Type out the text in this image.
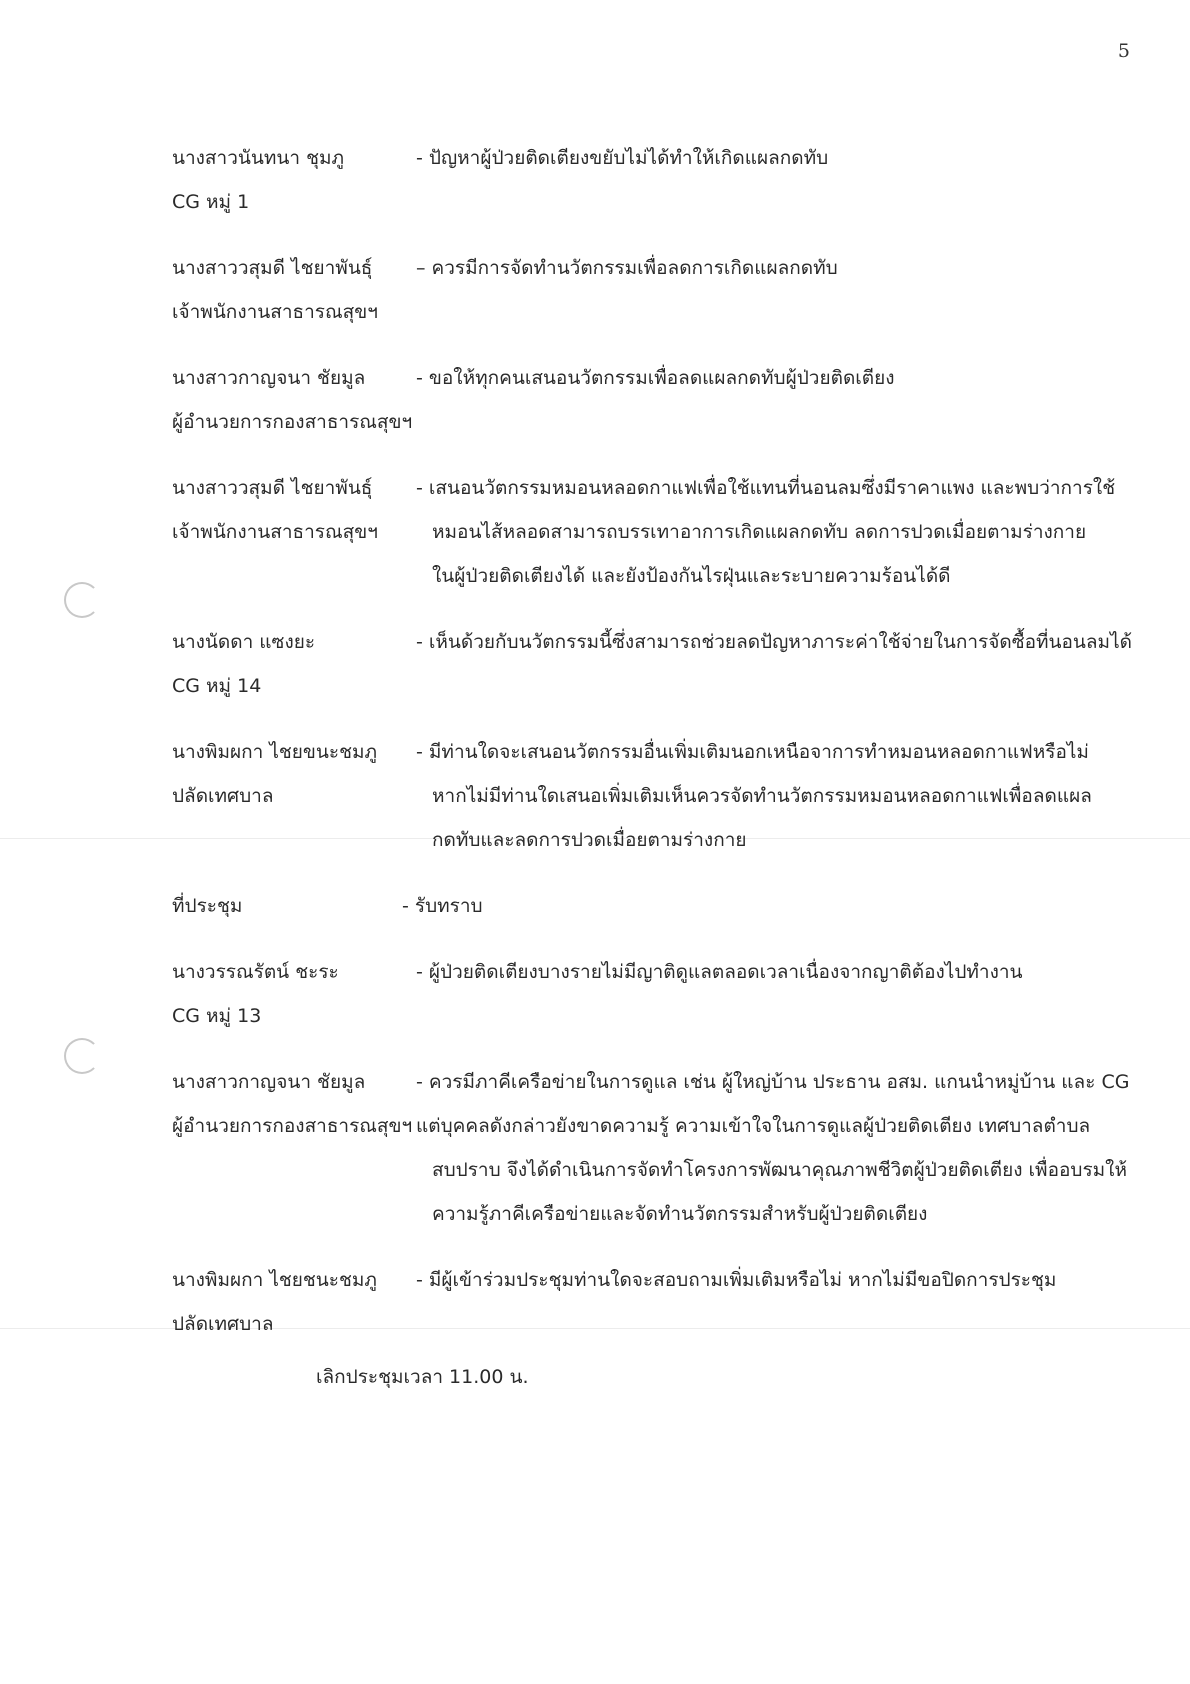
5
นางสาวนันทนา ชุมภู
CG หมู่ 1
- ปัญหาผู้ป่วยติดเตียงขยับไม่ได้ทำให้เกิดแผลกดทับ
นางสาววสุมดี ไชยาพันธุ์
เจ้าพนักงานสาธารณสุขฯ
– ควรมีการจัดทำนวัตกรรมเพื่อลดการเกิดแผลกดทับ
นางสาวกาญจนา ชัยมูล
ผู้อำนวยการกองสาธารณสุขฯ
- ขอให้ทุกคนเสนอนวัตกรรมเพื่อลดแผลกดทับผู้ป่วยติดเตียง
นางสาววสุมดี ไชยาพันธุ์
เจ้าพนักงานสาธารณสุขฯ
- เสนอนวัตกรรมหมอนหลอดกาแฟเพื่อใช้แทนที่นอนลมซึ่งมีราคาแพง และพบว่าการใช้
หมอนไส้หลอดสามารถบรรเทาอาการเกิดแผลกดทับ ลดการปวดเมื่อยตามร่างกาย
ในผู้ป่วยติดเตียงได้ และยังป้องกันไรฝุ่นและระบายความร้อนได้ดี
นางนัดดา แซงยะ
CG หมู่ 14
- เห็นด้วยกับนวัตกรรมนี้ซึ่งสามารถช่วยลดปัญหาภาระค่าใช้จ่ายในการจัดซื้อที่นอนลมได้
นางพิมผกา ไชยขนะชมภู
ปลัดเทศบาล
- มีท่านใดจะเสนอนวัตกรรมอื่นเพิ่มเติมนอกเหนือจาการทำหมอนหลอดกาแฟหรือไม่
หากไม่มีท่านใดเสนอเพิ่มเติมเห็นควรจัดทำนวัตกรรมหมอนหลอดกาแฟเพื่อลดแผล
กดทับและลดการปวดเมื่อยตามร่างกาย
ที่ประชุม	- รับทราบ
นางวรรณรัตน์ ชะระ
CG หมู่ 13
- ผู้ป่วยติดเตียงบางรายไม่มีญาติดูแลตลอดเวลาเนื่องจากญาติต้องไปทำงาน
นางสาวกาญจนา ชัยมูล
ผู้อำนวยการกองสาธารณสุขฯ
- ควรมีภาคีเครือข่ายในการดูแล เช่น ผู้ใหญ่บ้าน ประธาน อสม. แกนนำหมู่บ้าน และ CG
แต่บุคคลดังกล่าวยังขาดความรู้ ความเข้าใจในการดูแลผู้ป่วยติดเตียง เทศบาลตำบล
สบปราบ จึงได้ดำเนินการจัดทำโครงการพัฒนาคุณภาพชีวิตผู้ป่วยติดเตียง เพื่ออบรมให้
ความรู้ภาคีเครือข่ายและจัดทำนวัตกรรมสำหรับผู้ป่วยติดเตียง
นางพิมผกา ไชยชนะชมภู
ปลัดเทศบาล
- มีผู้เข้าร่วมประชุมท่านใดจะสอบถามเพิ่มเติมหรือไม่ หากไม่มีขอปิดการประชุม
เลิกประชุมเวลา 11.00 น.
